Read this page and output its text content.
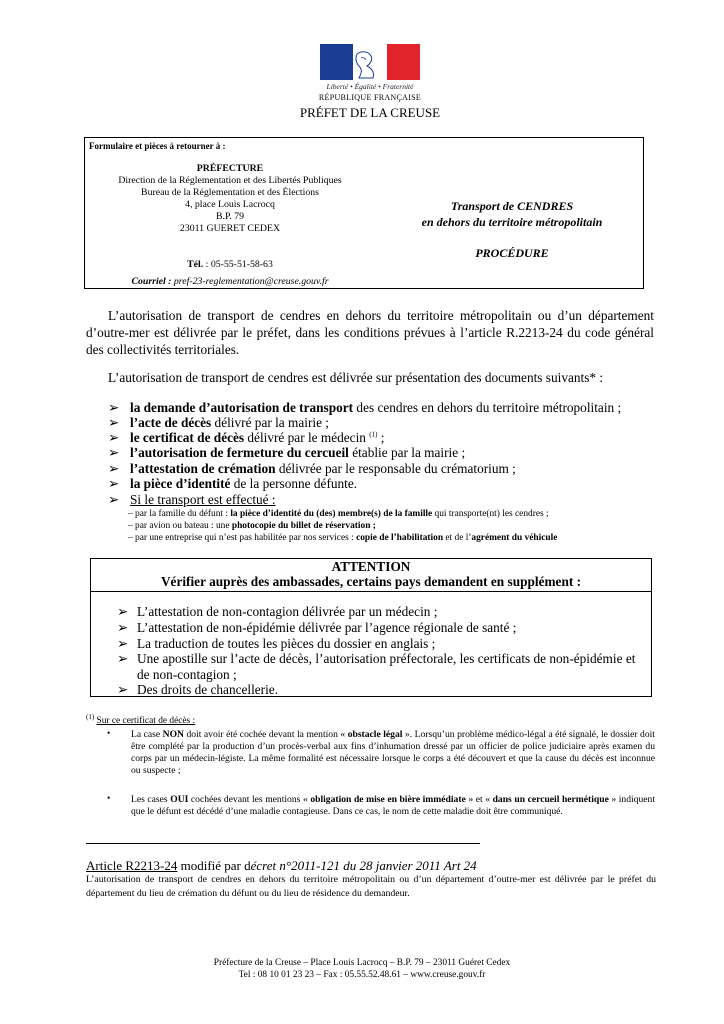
Liberté • Égalité • Fraternité
RÉPUBLIQUE FRANÇAISE
PRÉFET DE LA CREUSE
Formulaire et pièces à retourner à :
PRÉFECTURE
Direction de la Réglementation et des Libertés Publiques
Bureau de la Réglementation et des Élections
4, place Louis Lacrocq
B.P. 79
23011 GUERET CEDEX
Tél. : 05-55-51-58-63
Courriel : pref-23-reglementation@creuse.gouv.fr
Transport de CENDRES
en dehors du territoire métropolitain
PROCÉDURE
L’autorisation de transport de cendres en dehors du territoire métropolitain ou d’un département d’outre-mer est délivrée par le préfet, dans les conditions prévues à l’article R.2213-24 du code général des collectivités territoriales.
L’autorisation de transport de cendres est délivrée sur présentation des documents suivants* :
➢ la demande d’autorisation de transport des cendres en dehors du territoire métropolitain ;
➢ l’acte de décès délivré par la mairie ;
➢ le certificat de décès délivré par le médecin $^{(1)}$ ;
➢ l’autorisation de fermeture du cercueil établie par la mairie ;
➢ l’attestation de crémation délivrée par le responsable du crématorium ;
➢ la pièce d’identité de la personne défunte.
➢ Si le transport est effectué :
– par la famille du défunt : la pièce d’identité du (des) membre(s) de la famille qui transporte(nt) les cendres ;
– par avion ou bateau : une photocopie du billet de réservation ;
– par une entreprise qui n’est pas habilitée par nos services : copie de l’habilitation et de l’agrément du véhicule
ATTENTION
Vérifier auprès des ambassades, certains pays demandent en supplément :
➢ L’attestation de non-contagion délivrée par un médecin ;
➢ L’attestation de non-épidémie délivrée par l’agence régionale de santé ;
➢ La traduction de toutes les pièces du dossier en anglais ;
➢ Une apostille sur l’acte de décès, l’autorisation préfectorale, les certificats de non-épidémie et
de non-contagion ;
➢ Des droits de chancellerie.
$^{(1)}$ Sur ce certificat de décès :
• La case NON doit avoir été cochée devant la mention « obstacle légal ». Lorsqu’un problème médico-légal a été signalé, le dossier doit être complété par la production d’un procès-verbal aux fins d’inhumation dressé par un officier de police judiciaire après examen du corps par un médecin-légiste. La même formalité est nécessaire lorsque le corps a été découvert et que la cause du décès est inconnue ou suspecte ;
• Les cases OUI cochées devant les mentions « obligation de mise en bière immédiate » et « dans un cercueil hermétique » indiquent que le défunt est décédé d’une maladie contagieuse. Dans ce cas, le nom de cette maladie doit être communiqué.
Article R2213-24 modifié par décret n°2011-121 du 28 janvier 2011 Art 24
L’autorisation de transport de cendres en dehors du territoire métropolitain ou d’un département d’outre-mer est délivrée par le préfet du département du lieu de crémation du défunt ou du lieu de résidence du demandeur.
Préfecture de la Creuse – Place Louis Lacrocq – B.P. 79 – 23011 Guéret Cedex
Tel : 08 10 01 23 23 – Fax : 05.55.52.48.61 – www.creuse.gouv.fr
